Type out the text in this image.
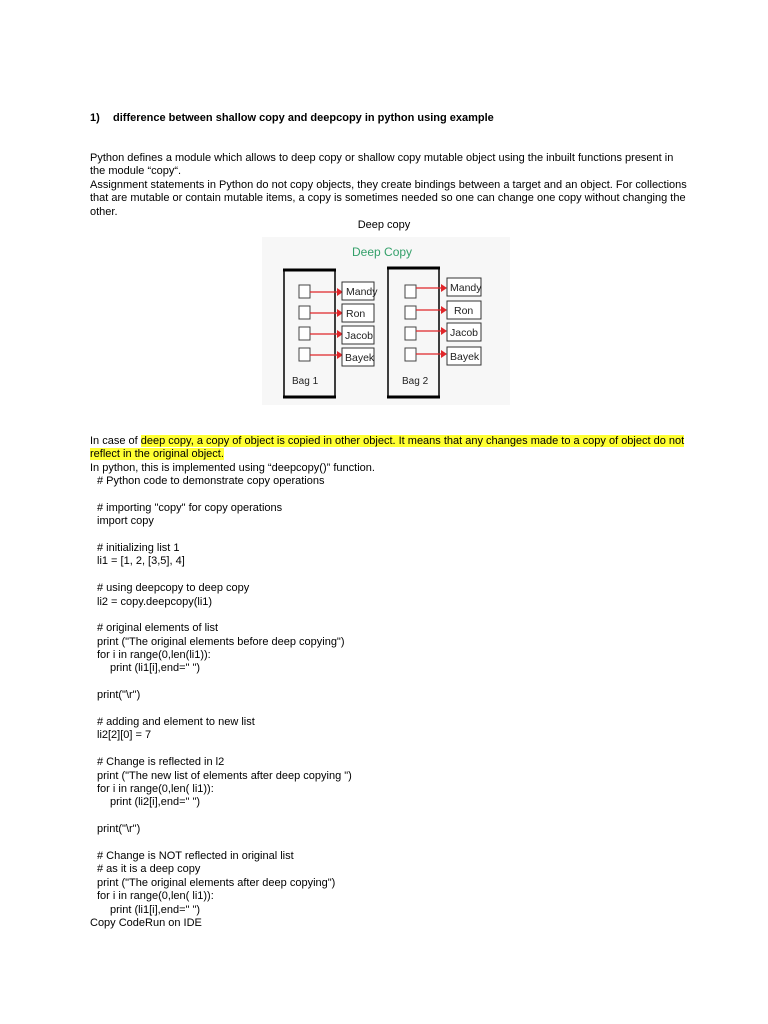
1) difference between shallow copy and deepcopy in python using example
Python defines a module which allows to deep copy or shallow copy mutable object using the inbuilt functions present in the module “copy“.
Assignment statements in Python do not copy objects, they create bindings between a target and an object. For collections that are mutable or contain mutable items, a copy is sometimes needed so one can change one copy without changing the other.
Deep copy
Deep Copy
Bag 1	Bag 2
Mandy
Ron
Jacob
Bayek
Mandy
Ron
Jacob
Bayek
In case of deep copy, a copy of object is copied in other object. It means that any changes made to a copy of object do not reflect in the original object.
In python, this is implemented using “deepcopy()” function.
# Python code to demonstrate copy operations
# importing "copy" for copy operations
import copy
# initializing list 1
li1 = [1, 2, [3,5], 4]
# using deepcopy to deep copy
li2 = copy.deepcopy(li1)
# original elements of list
print ("The original elements before deep copying")
for i in range(0,len(li1)):
print (li1[i],end=" ")
print("\r")
# adding and element to new list
li2[2][0] = 7
# Change is reflected in l2
print ("The new list of elements after deep copying ")
for i in range(0,len( li1)):
print (li2[i],end=" ")
print("\r")
# Change is NOT reflected in original list
# as it is a deep copy
print ("The original elements after deep copying")
for i in range(0,len( li1)):
print (li1[i],end=" ")
Copy CodeRun on IDE
